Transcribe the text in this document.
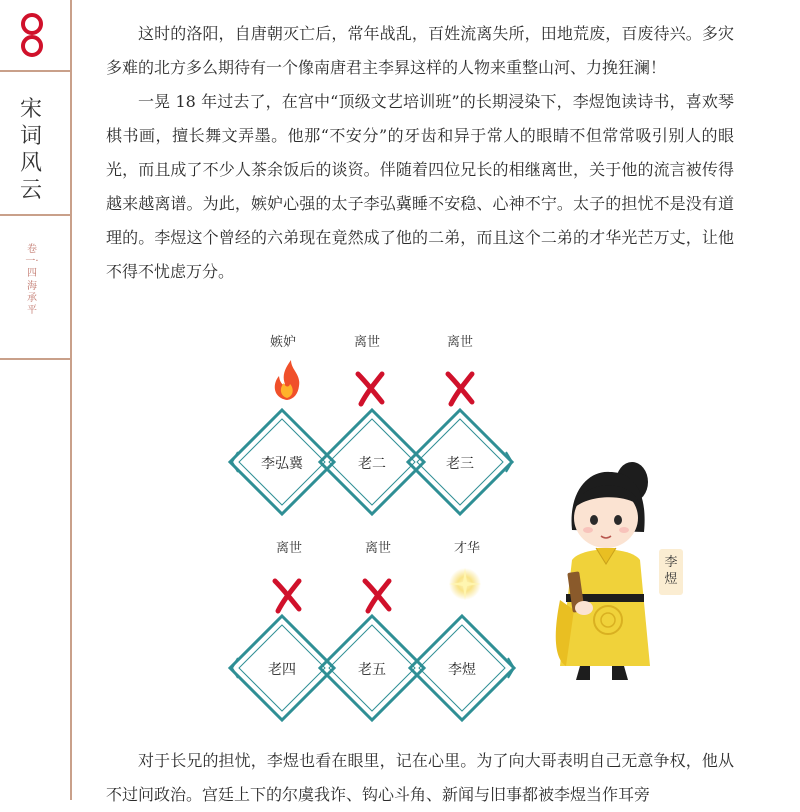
宋词风云
卷一·四海承平

这时的洛阳，自唐朝灭亡后，常年战乱，百姓流离失所，田地荒废，百废待兴。多灾多难的北方多么期待有一个像南唐君主李昪这样的人物来重整山河、力挽狂澜！

一晃 18 年过去了，在宫中“顶级文艺培训班”的长期浸染下，李煜饱读诗书，喜欢琴棋书画，擅长舞文弄墨。他那“不安分”的牙齿和异于常人的眼睛不但常常吸引别人的眼光，而且成了不少人茶余饭后的谈资。伴随着四位兄长的相继离世，关于他的流言被传得越来越离谱。为此，嫉妒心强的太子李弘冀睡不安稳、心神不宁。太子的担忧不是没有道理的。李煜这个曾经的六弟现在竟然成了他的二弟，而且这个二弟的才华光芒万丈，让他不得不忧虑万分。

嫉妒	离世	离世
李弘冀	老二	老三
离世	离世	才华
老四	老五	李煜
李煜

对于长兄的担忧，李煜也看在眼里，记在心里。为了向大哥表明自己无意争权，他从不过问政治。宫廷上下的尔虞我诈、钩心斗角、新闻与旧事都被李煜当作耳旁
